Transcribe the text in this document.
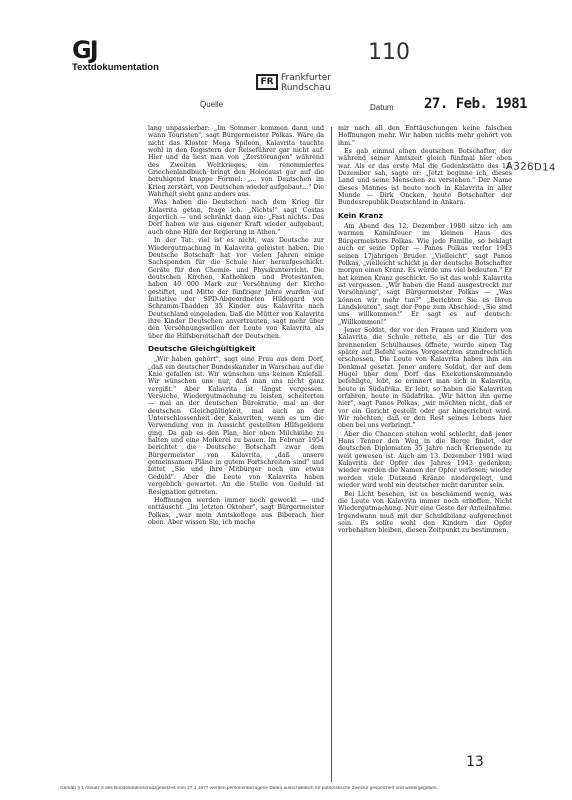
GJ
Textdokumentation
110
FR Frankfurter
Rundschau
Quelle	Datum 27. Feb. 1981
A326D14

lang unpassierbar: „Im Sommer kommen dann und wann Touristen", sagt Bürgermeister Polkas. Wäre da nicht das Kloster Mega Spileon, Kalavrita tauchte wohl in den Registern der Reiseführer gar nicht auf. Hier und da liest man von „Zerstörungen" während des Zweiten Weltkrieges; ein renommiertes Griechenlandbuch bringt den Holocaust gar auf die beruhigend knappe Formel: „... von Deutschen im Krieg zerstört, von Deutschen wieder aufgebaut..." Die Wahrheit sieht ganz anders aus.

Was haben die Deutschen nach dem Krieg für Kalavrita getan, frage ich. „Nichts!" sagt Costas ärgerlich — und schränkt dann ein: „Fast nichts. Das Dorf haben wir aus eigener Kraft wieder aufgebaut, auch ohne Hilfe der Regierung in Athen."

In der Tat: viel ist es nicht, was Deutsche zur Wiedergutmachung in Kalavrita geleistet haben. Die Deutsche Botschaft hat vor vielen Jahren einige Sachspenden für die Schule hier heraufgeschickt. Geräte für den Chemie- und Physikunterricht. Die deutschen Kirchen, Katholiken und Protestanten, haben 40 000 Mark zur Versöhnung der Kirche gestiftet, und Mitte der fünfziger Jahre wurden auf Initiative der SPD-Abgeordneten Hildegard von Schramm-Thadden 35 Kinder aus Kalavrita nach Deutschland eingeladen. Daß die Mütter von Kalavrita ihre Kinder Deutschen anvertrauten, sagt mehr über den Versöhnungswillen der Leute von Kalavrita als über die Hilfsbereitschaft der Deutschen.

Deutsche Gleichgültigkeit

„Wir haben gehört", sagt eine Frau aus dem Dorf, „daß ein deutscher Bundeskanzler in Warschau auf die Knie gefallen ist. Wir wünschen uns keinen Kniefall. Wir wünschen uns nur, daß man uns nicht ganz vergißt." Aber Kalavrita ist längst vergessen. Versuche, Wiedergutmachung zu leisten, scheiterten — mal an der deutschen Bürokratie, mal an der deutschen Gleichgültigkeit, mal auch an der Unterschlossenheit der Kalavriten, wenn es um die Verwendung von in Aussicht gestellten Hilfsgeldern ging. Da gab es den Plan, hier oben Milchkühe zu halten und eine Molkerei zu bauen. Im Februar 1954 berichtet die Deutsche Botschaft zwar dem Bürgermeister von Kalavrita, „daß unsere gemeinsamen Pläne in gutem Fortschreiten sind" und bittet „Sie und Ihre Mitbürger noch um etwas Geduld". Aber die Leute von Kalavrita haben vergeblich gewartet. An die Stelle von Geduld ist Resignation getreten.

Hoffnungen werden immer noch geweckt — und enttäuscht. „Im letzten Oktober", sagt Bürgermeister Polkas, „war mein Amtskollege aus Biberach hier oben. Aber wissen Sie, ich mache

mir nach all den Enttäuschungen keine falschen Hoffnungen mehr. Wir haben nichts mehr gehört von ihm."

Es gab einmal einen deutschen Botschafter, der während seiner Amtszeit gleich fünfmal hier oben war. Als er das erste Mal die Gedenkstätte des 13. Dezember sah, sagte er: „Jetzt beginne ich, dieses Land und seine Menschen zu verstehen." Der Name dieses Mannes ist heute noch in Kalavrita in aller Munde — Dirk Oncken, heute Botschafter der Bundesrepublik Deutschland in Ankara.

Kein Kranz

Am Abend des 12. Dezember 1980 sitze ich am warmen Kaminfeuer im kleinen Haus des Bürgermeisters Polkas. Wie jede Familie, so beklagt auch er seine Opfer — Panos Polkas verlor 1943 seinen 17jährigen Bruder. „Vielleicht", sagt Panos Polkas, „vielleicht schickt ja der deutsche Botschafter morgen einen Kranz. Es würde uns viel bedeuten." Er hat keinen Kranz geschickt. So ist das wohl: Kalavrita ist vergessen. „Wir haben die Hand ausgestreckt zur Versöhnung", sagt Bürgermeister Polkas — „Was können wir mehr tun?" „Berichten Sie es Ihren Landsleuten", sagt der Pope zum Abschied: „Sie sind uns willkommen!" Er sagt es auf deutsch: „Willkommen!"

Jener Soldat, der vor den Frauen und Kindern von Kalavrita die Schule rettete, als er die Tür des brennenden Schulhauses öffnete, wurde einen Tag später auf Befehl seines Vorgesetzten standrechtlich erschossen. Die Leute von Kalavrita haben ihm ein Denkmal gesetzt. Jener andere Soldat, der auf dem Hügel über dem Dorf das Exekutionskommando befehligte, lebt, so erinnert man sich in Kalavrita, heute in Südafrika. Er lebt, so haben die Kalavriten erfahren, heute in Südafrika. „Wir hätten ihn gerne hier", sagt Panos Polkas, „wir möchten nicht, daß er vor ein Gericht gestellt oder gar hingerichtet wird. Wir möchten, daß er den Rest seines Lebens hier oben bei uns verbringt."

Aber die Chancen stehen wohl schlecht, daß jener Hans Tenner den Weg in die Berge findet, der deutschen Diplomaten 35 Jahre nach Kriegsende zu weit gewesen ist. Auch am 13. Dezember 1981 wird Kalavrita der Opfer des Jahres 1943 gedenken; wieder werden die Namen der Opfer verlesen; wieder werden viele Dutzend Kränze niedergelegt, und wieder wird wohl ein deutscher nicht darunter sein.

Bei Licht besehen, ist es beschämend wenig, was die Leute von Kalavrita immer noch erhoffen. Nicht Wiedergutmachung. Nur eine Geste der Anteilnahme. Irgendwann muß mit der Schuldbilanz aufgerechnet sein. Es sollte wohl den Kindern der Opfer vorbehalten bleiben, diesen Zeitpunkt zu bestimmen.

13
Gemäß § 1 Absatz 3 des Bundesdatenschutzgesetzes vom 27.1.1977 werden personenbezogene Daten ausschließlich für publizistische Zwecke gespeichert und weitergegeben.
